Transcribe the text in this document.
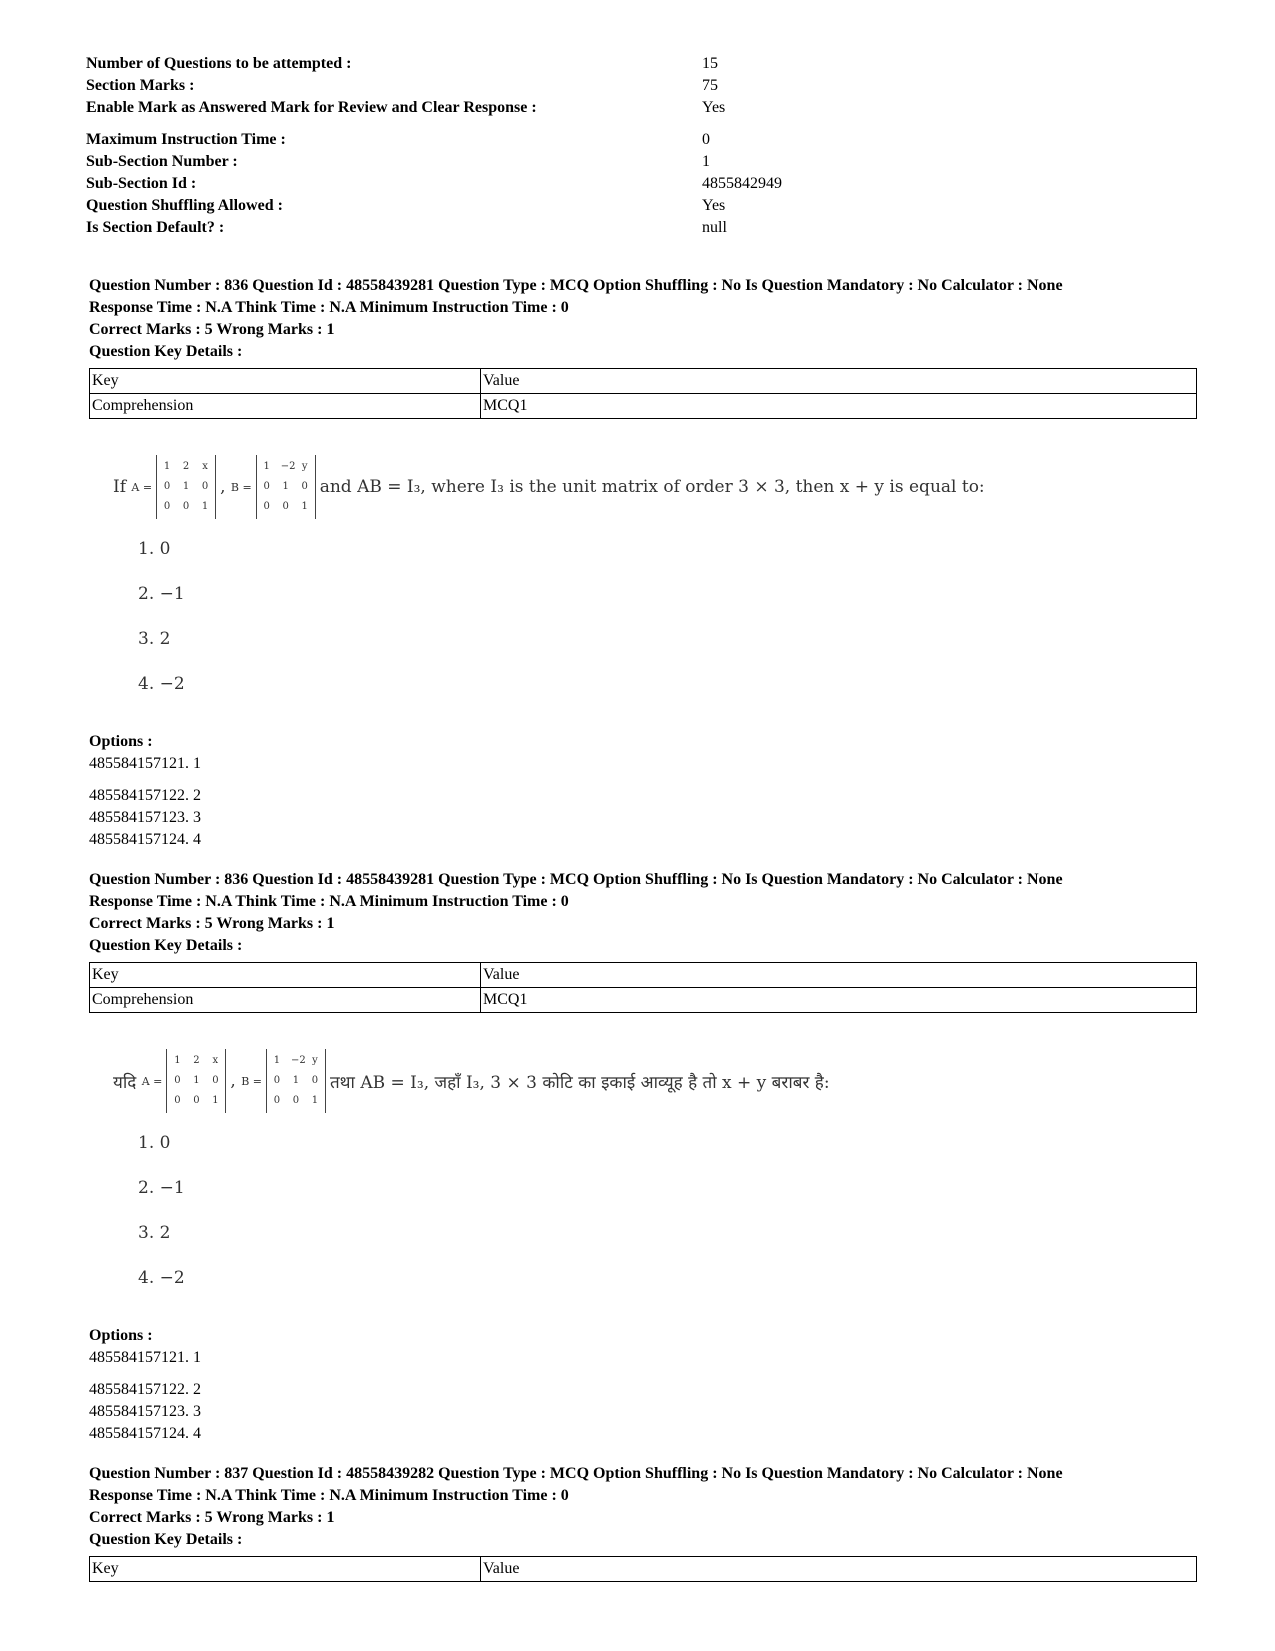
Number of Questions to be attempted :	15
Section Marks :	75
Enable Mark as Answered Mark for Review and Clear Response :	Yes
Maximum Instruction Time :	0
Sub-Section Number :	1
Sub-Section Id :	4855842949
Question Shuffling Allowed :	Yes
Is Section Default? :	null
Question Number : 836 Question Id : 48558439281 Question Type : MCQ Option Shuffling : No Is Question Mandatory : No Calculator : None
Response Time : N.A Think Time : N.A Minimum Instruction Time : 0
Correct Marks : 5 Wrong Marks : 1
Question Key Details :
Key	Value
Comprehension	MCQ1
If
A =
1 2 x
0 1 0
0 0 1
, B =
1 −2 y
0 1 0
0 0 1
and AB = I₃, where I₃ is the unit matrix of order 3 × 3, then x + y is equal to:
1. 0
2. −1
3. 2
4. −2
Options :
485584157121. 1
485584157122. 2
485584157123. 3
485584157124. 4
Question Number : 836 Question Id : 48558439281 Question Type : MCQ Option Shuffling : No Is Question Mandatory : No Calculator : None
Response Time : N.A Think Time : N.A Minimum Instruction Time : 0
Correct Marks : 5 Wrong Marks : 1
Question Key Details :
Key	Value
Comprehension	MCQ1
यदि
A =
1 2 x
0 1 0
0 0 1
, B =
1 −2 y
0 1 0
0 0 1
तथा AB = I₃, जहाँ I₃, 3 × 3 कोटि का इकाई आव्यूह है तो x + y बराबर है:
1. 0
2. −1
3. 2
4. −2
Options :
485584157121. 1
485584157122. 2
485584157123. 3
485584157124. 4
Question Number : 837 Question Id : 48558439282 Question Type : MCQ Option Shuffling : No Is Question Mandatory : No Calculator : None
Response Time : N.A Think Time : N.A Minimum Instruction Time : 0
Correct Marks : 5 Wrong Marks : 1
Question Key Details :
Key	Value
